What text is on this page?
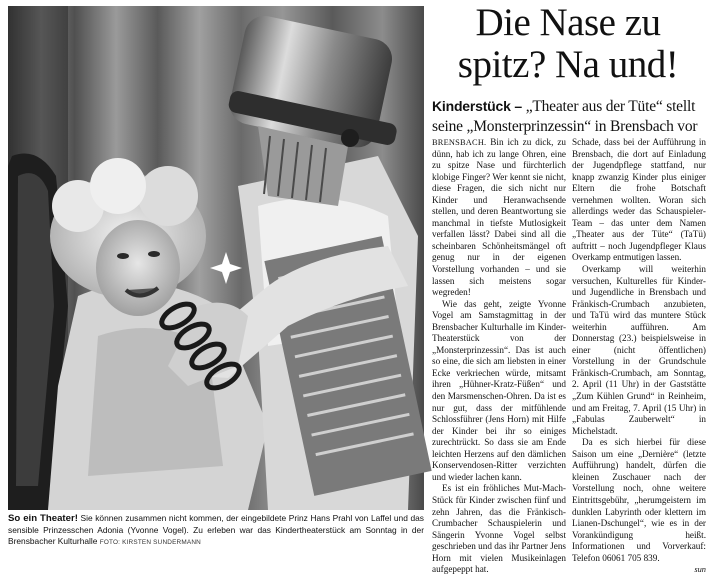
So ein Theater! Sie können zusammen nicht kommen, der eingebildete Prinz Hans Prahl von Laffel und das sensible Prinzesschen Adonia (Yvonne Vogel). Zu erleben war das Kindertheaterstück am Sonntag in der Brensbacher Kulturhalle FOTO: KIRSTEN SUNDERMANN
Die Nase zu spitz? Na und!
Kinderstück – „Theater aus der Tüte“ stellt seine „Monsterprinzessin“ in Brensbach vor

BRENSBACH. Bin ich zu dick, zu dünn, hab ich zu lange Ohren, eine zu spitze Nase und fürchterlich klobige Finger? Wer kennt sie nicht, diese Fragen, die sich nicht nur Kinder und Heranwachsende stellen, und deren Beantwortung sie manchmal in tiefste Mutlosigkeit verfallen lässt? Dabei sind all die scheinbaren Schönheitsmängel oft genug nur in der eigenen Vorstellung vorhanden – und sie lassen sich meistens sogar wegreden!

Wie das geht, zeigte Yvonne Vogel am Samstagmittag in der Brensbacher Kulturhalle im Kinder-Theaterstück von der „Monsterprinzessin“. Das ist auch so eine, die sich am liebsten in einer Ecke verkriechen würde, mitsamt ihren „Hühner-Kratz-Füßen“ und den Marsmenschen-Ohren. Da ist es nur gut, dass der mitfühlende Schlossführer (Jens Horn) mit Hilfe der Kinder bei ihr so einiges zurechtrückt. So dass sie am Ende leichten Herzens auf den dämlichen Konservendosen-Ritter verzichten und wieder lachen kann.

Es ist ein fröhliches Mut-Mach-Stück für Kinder zwischen fünf und zehn Jahren, das die Fränkisch-Crumbacher Schauspielerin und Sängerin Yvonne Vogel selbst geschrieben und das ihr Partner Jens Horn mit vielen Musikeinlagen aufgepeppt hat.

Schade, dass bei der Aufführung in Brensbach, die dort auf Einladung der Jugendpflege stattfand, nur knapp zwanzig Kinder plus einiger Eltern die frohe Botschaft vernehmen wollten. Woran sich allerdings weder das Schauspieler-Team – das unter dem Namen „Theater aus der Tüte“ (TaTü) auftritt – noch Jugendpfleger Klaus Overkamp entmutigen lassen.

Overkamp will weiterhin versuchen, Kulturelles für Kinder- und Jugendliche in Brensbach und Fränkisch-Crumbach anzubieten, und TaTü wird das muntere Stück weiterhin aufführen. Am Donnerstag (23.) beispielsweise in einer (nicht öffentlichen) Vorstellung in der Grundschule Fränkisch-Crumbach, am Sonntag, 2. April (11 Uhr) in der Gaststätte „Zum Kühlen Grund“ in Reinheim, und am Freitag, 7. April (15 Uhr) in „Fabulas Zauberwelt“ in Michelstadt.

Da es sich hierbei für diese Saison um eine „Dernière“ (letzte Aufführung) handelt, dürfen die kleinen Zuschauer nach der Vorstellung noch, ohne weitere Eintrittsgebühr, „herumgeistern im dunklen Labyrinth oder klettern im Lianen-Dschungel“, wie es in der Vorankündigung heißt. Informationen und Vorverkauf: Telefon 06061 705 839.

sun
